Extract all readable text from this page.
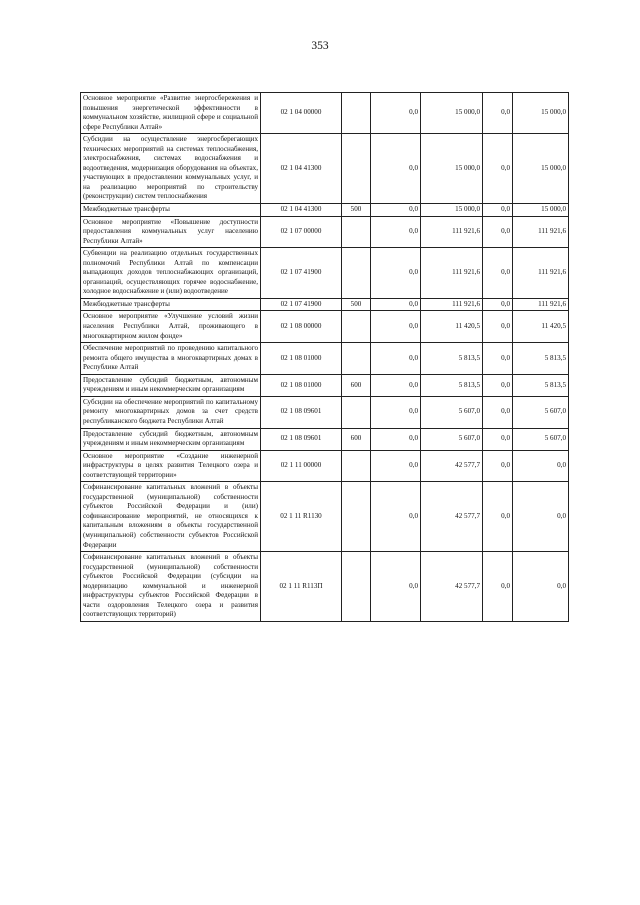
353
Основное мероприятие «Развитие энергосбережения и повышения энергетической эффективности в коммунальном хозяйстве, жилищной сфере и социальной сфере Республики Алтай»	02 1 04 00000		0,0	15 000,0	0,0	15 000,0
Субсидии на осуществление энергосберегающих технических мероприятий на системах теплоснабжения, электроснабжения, системах водоснабжения и водоотведения, модернизация оборудования на объектах, участвующих в предоставлении коммунальных услуг, и на реализацию мероприятий по строительству (реконструкции) систем теплоснабжения	02 1 04 41300		0,0	15 000,0	0,0	15 000,0
Межбюджетные трансферты	02 1 04 41300	500	0,0	15 000,0	0,0	15 000,0
Основное мероприятие «Повышение доступности предоставления коммунальных услуг населению Республики Алтай»	02 1 07 00000		0,0	111 921,6	0,0	111 921,6
Субвенции на реализацию отдельных государственных полномочий Республики Алтай по компенсации выпадающих доходов теплоснабжающих организаций, организаций, осуществляющих горячее водоснабжение, холодное водоснабжение и (или) водоотведение	02 1 07 41900		0,0	111 921,6	0,0	111 921,6
Межбюджетные трансферты	02 1 07 41900	500	0,0	111 921,6	0,0	111 921,6
Основное мероприятие «Улучшение условий жизни населения Республики Алтай, проживающего в многоквартирном жилом фонде»	02 1 08 00000		0,0	11 420,5	0,0	11 420,5
Обеспечение мероприятий по проведению капитального ремонта общего имущества в многоквартирных домах в Республике Алтай	02 1 08 01000		0,0	5 813,5	0,0	5 813,5
Предоставление субсидий бюджетным, автономным учреждениям и иным некоммерческим организациям	02 1 08 01000	600	0,0	5 813,5	0,0	5 813,5
Субсидии на обеспечение мероприятий по капитальному ремонту многоквартирных домов за счет средств республиканского бюджета Республики Алтай	02 1 08 09601		0,0	5 607,0	0,0	5 607,0
Предоставление субсидий бюджетным, автономным учреждениям и иным некоммерческим организациям	02 1 08 09601	600	0,0	5 607,0	0,0	5 607,0
Основное мероприятие «Создание инженерной инфраструктуры в целях развития Телецкого озера и соответствующей территории»	02 1 11 00000		0,0	42 577,7	0,0	0,0
Софинансирование капитальных вложений в объекты государственной (муниципальной) собственности субъектов Российской Федерации и (или) софинансирование мероприятий, не относящихся к капитальным вложениям в объекты государственной (муниципальной) собственности субъектов Российской Федерации	02 1 11 R1130		0,0	42 577,7	0,0	0,0
Софинансирование капитальных вложений в объекты государственной (муниципальной) собственности субъектов Российской Федерации (субсидии на модернизацию коммунальной и инженерной инфраструктуры субъектов Российской Федерации в части оздоровления Телецкого озера и развития соответствующих территорий)	02 1 11 R113П		0,0	42 577,7	0,0	0,0
